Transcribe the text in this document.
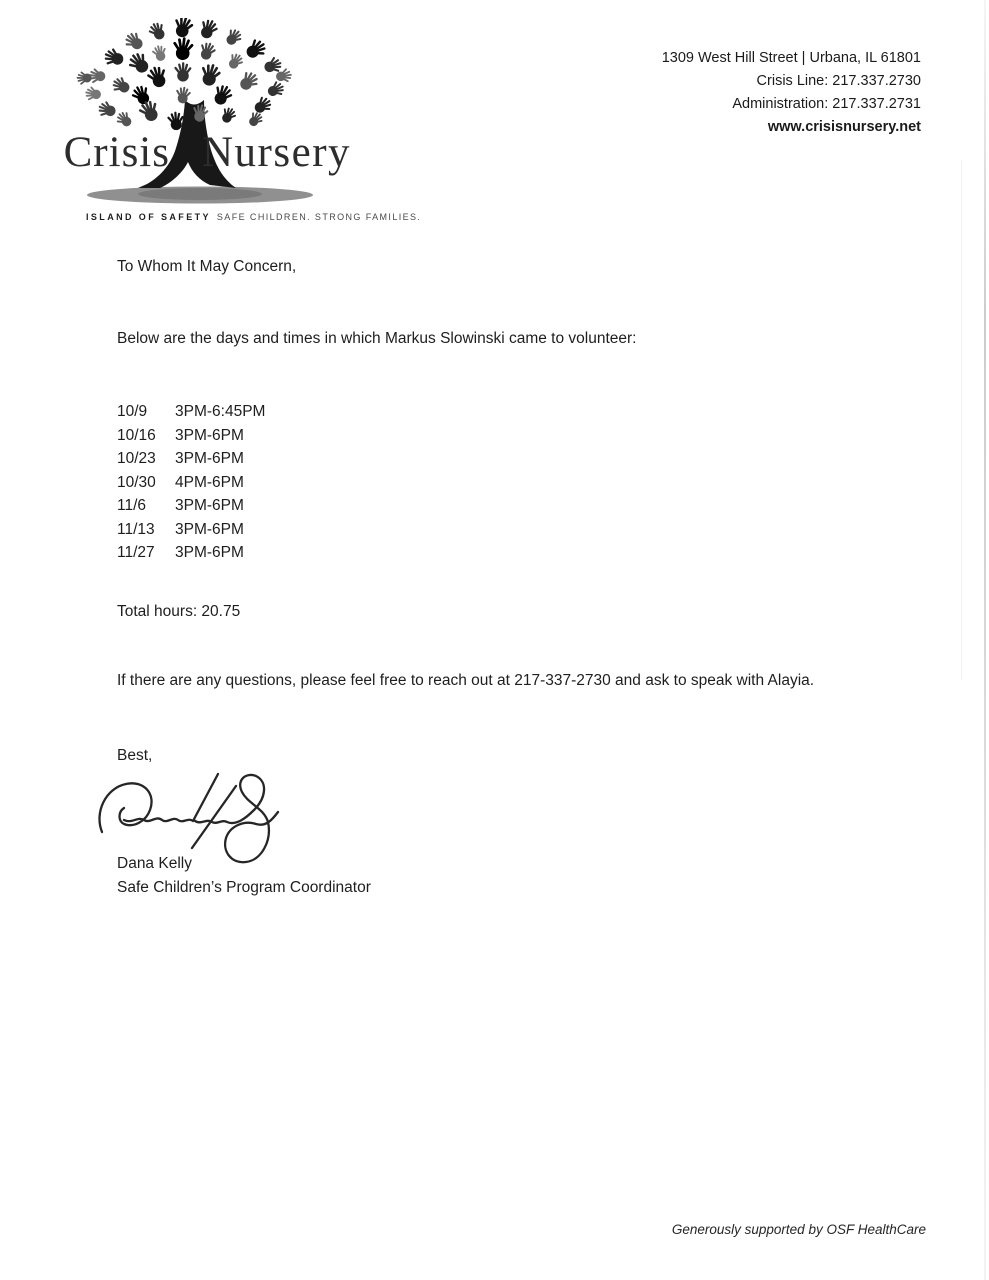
Crisis Nursery
ISLAND OF SAFETY SAFE CHILDREN. STRONG FAMILIES.
1309 West Hill Street | Urbana, IL 61801
Crisis Line: 217.337.2730
Administration: 217.337.2731
www.crisisnursery.net
To Whom It May Concern,
Below are the days and times in which Markus Slowinski came to volunteer:
10/9	3PM-6:45PM
10/16	3PM-6PM
10/23	3PM-6PM
10/30	4PM-6PM
11/6	3PM-6PM
11/13	3PM-6PM
11/27	3PM-6PM
Total hours: 20.75
If there are any questions, please feel free to reach out at 217-337-2730 and ask to speak with Alayia.
Best,
Dana Kelly
Safe Children’s Program Coordinator
Generously supported by OSF HealthCare
